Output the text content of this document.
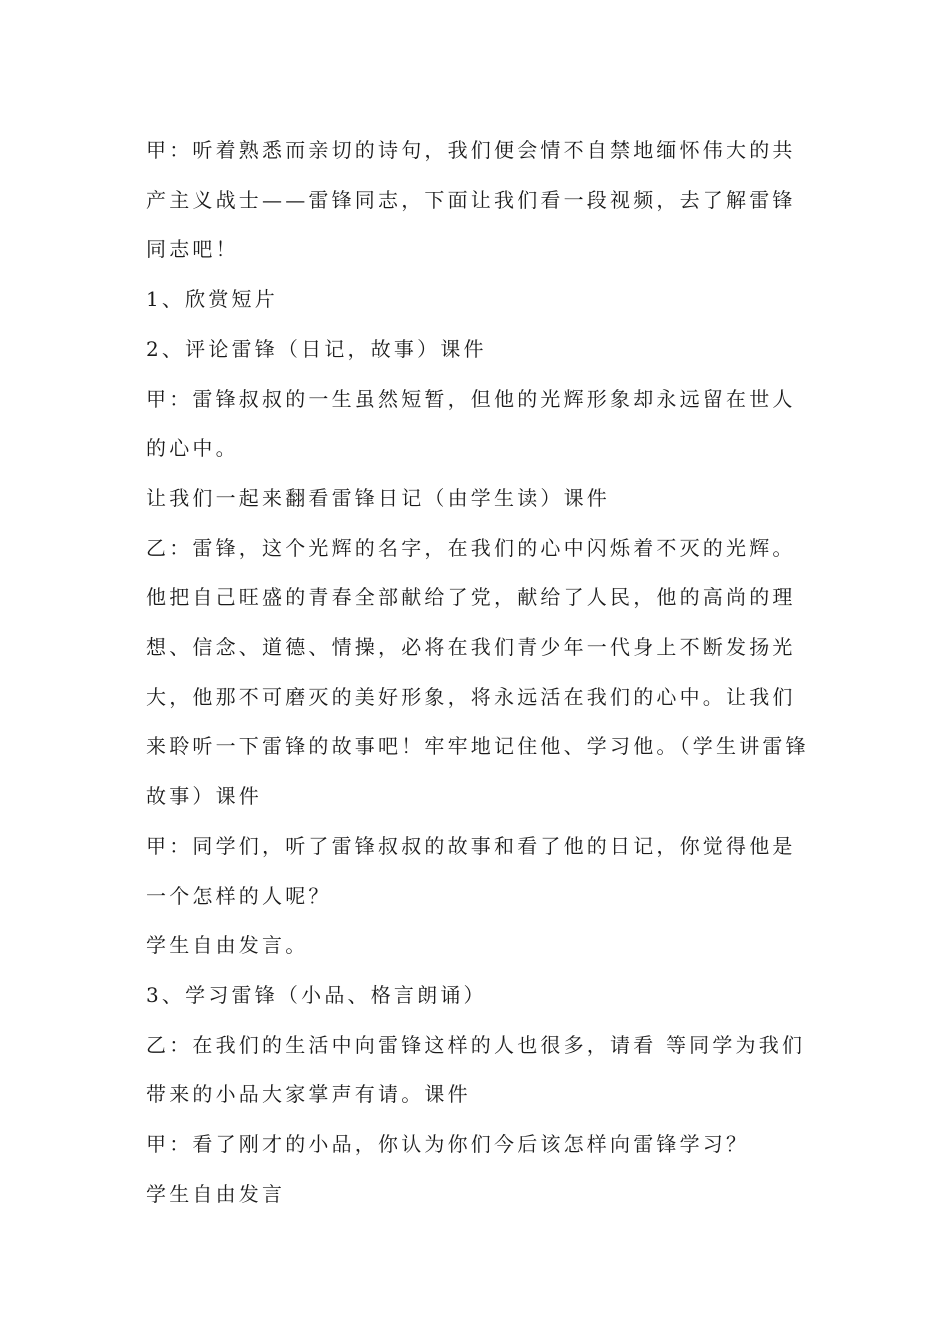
甲：听着熟悉而亲切的诗句，我们便会情不自禁地缅怀伟大的共产主义战士——雷锋同志，下面让我们看一段视频，去了解雷锋同志吧！

1、欣赏短片

2、评论雷锋（日记，故事）课件

甲：雷锋叔叔的一生虽然短暂，但他的光辉形象却永远留在世人的心中。

让我们一起来翻看雷锋日记（由学生读）课件

乙：雷锋，这个光辉的名字，在我们的心中闪烁着不灭的光辉。他把自己旺盛的青春全部献给了党，献给了人民，他的高尚的理想、信念、道德、情操，必将在我们青少年一代身上不断发扬光大，他那不可磨灭的美好形象，将永远活在我们的心中。让我们来聆听一下雷锋的故事吧！牢牢地记住他、学习他。（学生讲雷锋故事）课件

甲：同学们，听了雷锋叔叔的故事和看了他的日记，你觉得他是一个怎样的人呢？

学生自由发言。

3、学习雷锋（小品、格言朗诵）

乙：在我们的生活中向雷锋这样的人也很多，请看 等同学为我们带来的小品大家掌声有请。课件

甲：看了刚才的小品，你认为你们今后该怎样向雷锋学习？

学生自由发言
